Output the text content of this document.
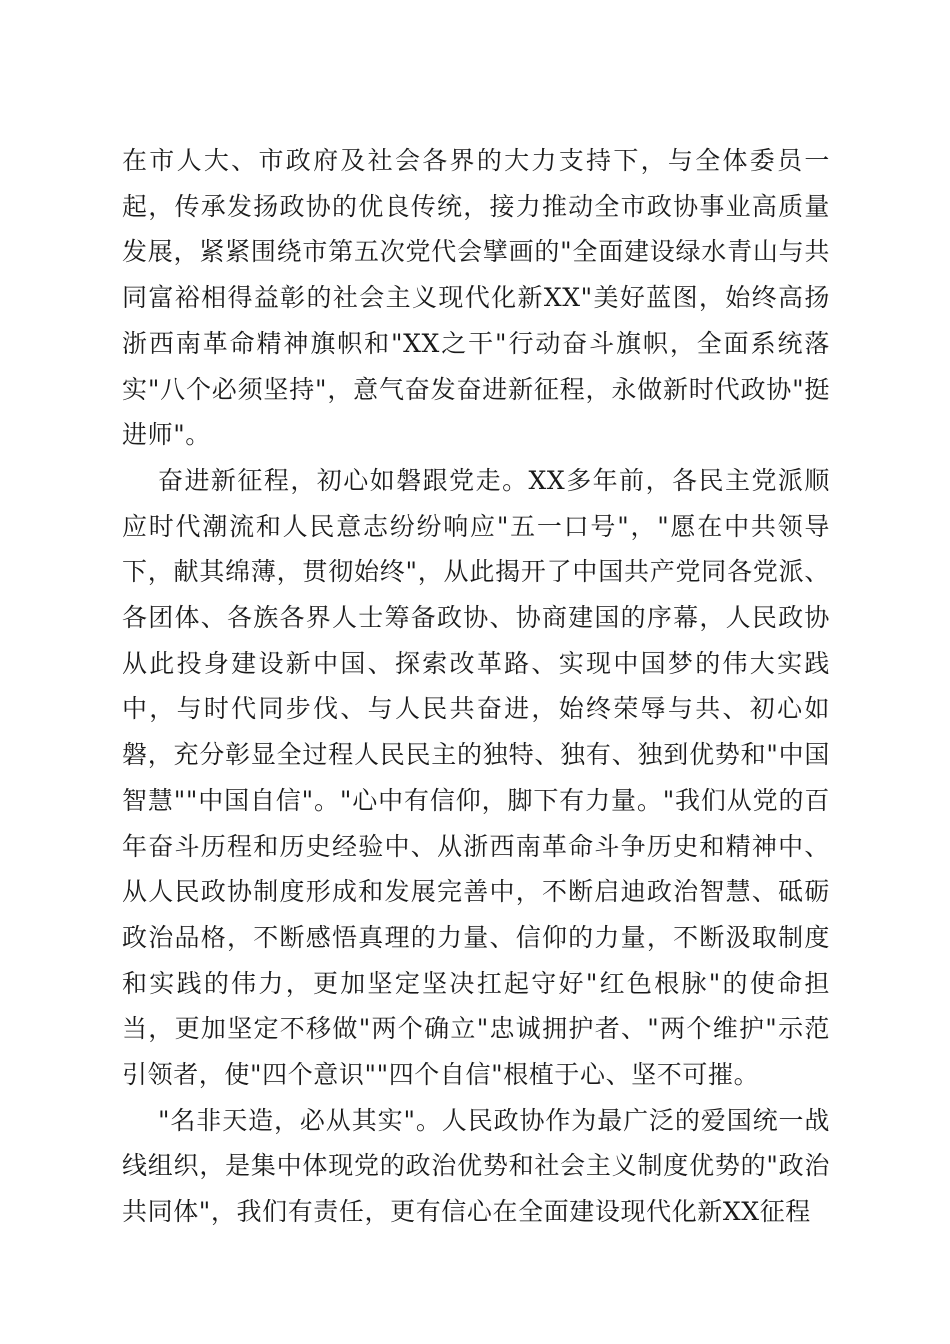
在市人大、市政府及社会各界的大力支持下，与全体委员一起，传承发扬政协的优良传统，接力推动全市政协事业高质量发展，紧紧围绕市第五次党代会擘画的"全面建设绿水青山与共同富裕相得益彰的社会主义现代化新XX"美好蓝图，始终高扬浙西南革命精神旗帜和"XX之干"行动奋斗旗帜，全面系统落实"八个必须坚持"，意气奋发奋进新征程，永做新时代政协"挺进师"。

奋进新征程，初心如磐跟党走。XX多年前，各民主党派顺应时代潮流和人民意志纷纷响应"五一口号"，"愿在中共领导下，献其绵薄，贯彻始终"，从此揭开了中国共产党同各党派、各团体、各族各界人士筹备政协、协商建国的序幕，人民政协从此投身建设新中国、探索改革路、实现中国梦的伟大实践中，与时代同步伐、与人民共奋进，始终荣辱与共、初心如磐，充分彰显全过程人民民主的独特、独有、独到优势和"中国智慧""中国自信"。"心中有信仰，脚下有力量。"我们从党的百年奋斗历程和历史经验中、从浙西南革命斗争历史和精神中、从人民政协制度形成和发展完善中，不断启迪政治智慧、砥砺政治品格，不断感悟真理的力量、信仰的力量，不断汲取制度和实践的伟力，更加坚定坚决扛起守好"红色根脉"的使命担当，更加坚定不移做"两个确立"忠诚拥护者、"两个维护"示范引领者，使"四个意识""四个自信"根植于心、坚不可摧。

"名非天造，必从其实"。人民政协作为最广泛的爱国统一战线组织，是集中体现党的政治优势和社会主义制度优势的"政治共同体"，我们有责任，更有信心在全面建设现代化新XX征程
